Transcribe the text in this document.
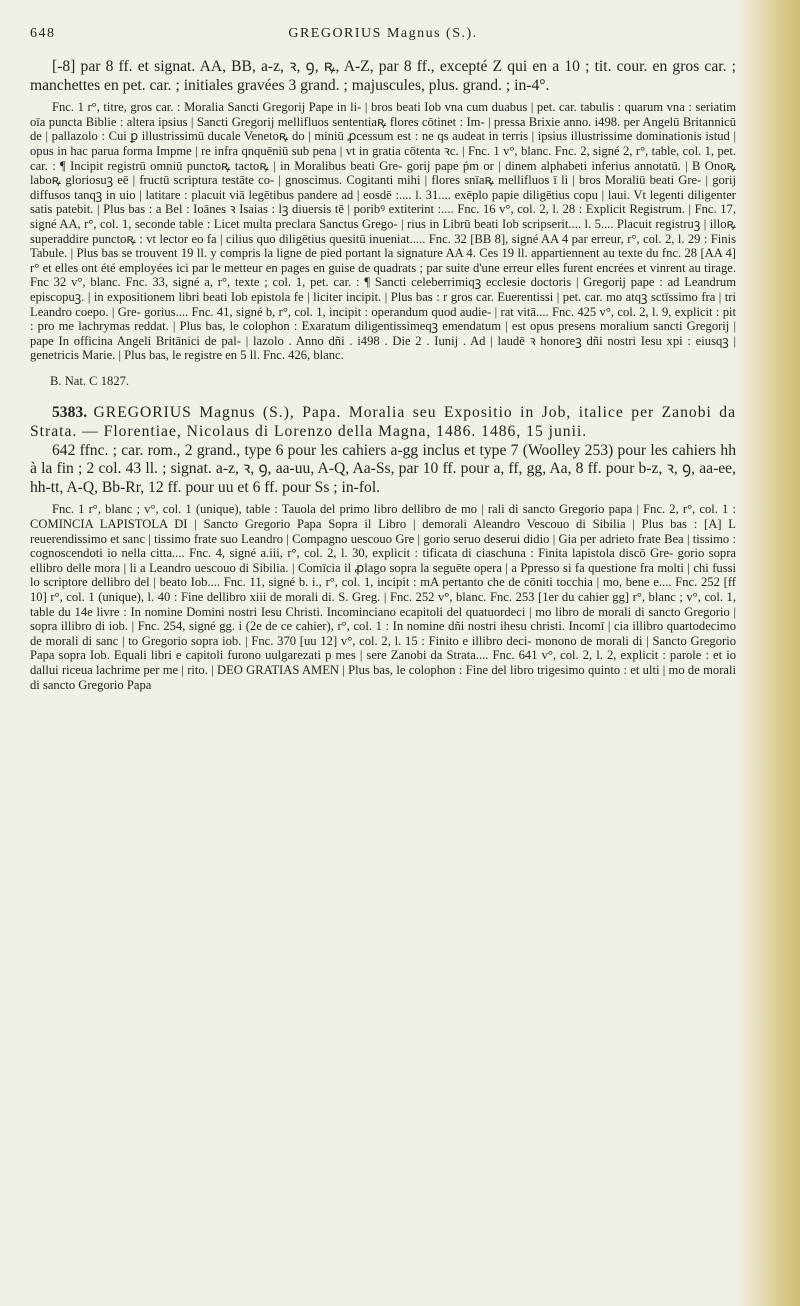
648	GREGORIUS Magnus (S.).

[-8] par 8 ff. et signat. AA, BB, a-z, ꝛ, ꝯ, ꝶ, A-Z, par 8 ff., excepté Z qui en a 10 ; tit. cour. en gros car. ; manchettes en pet. car. ; initiales gravées 3 grand. ; majuscules, plus. grand. ; in-4°.

Fnc. 1 r°, titre, gros car. : Moralia Sancti Gregorij Pape in li- | bros beati Iob vna cum duabus | pet. car. tabulis : quarum vna : seriatim oīa puncta Biblie : altera ipsius | Sancti Gregorij mellifluos sententiaꝶ flores cōtinet : Im- | pressa Brixie anno. i498. per Angelū Britannicū de | pallazolo : Cui ꝑ illustrissimū ducale Venetoꝶ do | miniū ꝓcessum est : ne qs audeat in terris | ipsius illustrissime dominationis istud | opus in hac parua forma Impme | re infra qnquēniū sub pena | vt in gratia cōtenta ꝛc. | Fnc. 1 v°, blanc. Fnc. 2, signé 2, r°, table, col. 1, pet. car. : ¶ Incipit registrū omniū punctoꝶ tactoꝶ | in Moralibus beati Gre- gorij pape ṕm or | dinem alphabeti inferius annotatū. | B Onoꝶ laboꝶ gloriosuꝫ eē | fructū scriptura testāte co- | gnoscimus. Cogitanti mihi | flores snīaꝶ mellifluos ī li | bros Moraliū beati Gre- | gorij diffusos tanqꝫ in uio | latitare : placuit viā legētibus pandere ad | eosdē :.... l. 31.... exēplo papie diligētius copu | laui. Vt legenti diligenter satis patebit. | Plus bas : a Bel : Ioānes ꝛ Isaias : lꝫ diuersis tē | poribꝰ extiterint :.... Fnc. 16 v°, col. 2, l. 28 : Explicit Registrum. | Fnc. 17, signé AA, r°, col. 1, seconde table : Licet multa preclara Sanctus Grego- | rius in Librū beati Iob scripserit.... l. 5.... Placuit registruꝫ | illoꝶ superaddire punctoꝶ : vt lector eo fa | cilius quo diligētius quesitū inueniat..... Fnc. 32 [BB 8], signé AA 4 par erreur, r°, col. 2, l. 29 : Finis Tabule. | Plus bas se trouvent 19 ll. y compris la ligne de pied portant la signature AA 4. Ces 19 ll. appartiennent au texte du fnc. 28 [AA 4] r° et elles ont été employées ici par le metteur en pages en guise de quadrats ; par suite d'une erreur elles furent encrées et vinrent au tirage. Fnc 32 v°, blanc. Fnc. 33, signé a, r°, texte ; col. 1, pet. car. : ¶ Sancti celeberrimiqꝫ ecclesie doctoris | Gregorij pape : ad Leandrum episcopuꝫ. | in expositionem libri beati Iob epistola fe | liciter incipit. | Plus bas : r gros car. Euerentissi | pet. car. mo atqꝫ sctīssimo fra | tri Leandro coepo. | Gre- gorius.... Fnc. 41, signé b, r°, col. 1, incipit : operandum quod audie- | rat vitā.... Fnc. 425 v°, col. 2, l. 9, explicit : pit : pro me lachrymas reddat. | Plus bas, le colophon : Exaratum diligentissimeqꝫ emendatum | est opus presens moralium sancti Gregorij | pape In officina Angeli Britānici de pal- | lazolo . Anno dñi . i498 . Die 2 . Iunij . Ad | laudē ꝛ honoreꝫ dñi nostri Iesu xpi : eiusqꝫ | genetricis Marie. | Plus bas, le registre en 5 ll. Fnc. 426, blanc.

B. Nat. C 1827.

5383. GREGORIUS Magnus (S.), Papa. Moralia seu Expositio in Job, italice per Zanobi da Strata. — Florentiae, Nicolaus di Lorenzo della Magna, 1486. 1486, 15 junii.

642 ffnc. ; car. rom., 2 grand., type 6 pour les cahiers a-gg inclus et type 7 (Woolley 253) pour les cahiers hh à la fin ; 2 col. 43 ll. ; signat. a-z, ꝛ, ꝯ, aa-uu, A-Q, Aa-Ss, par 10 ff. pour a, ff, gg, Aa, 8 ff. pour b-z, ꝛ, ꝯ, aa-ee, hh-tt, A-Q, Bb-Rr, 12 ff. pour uu et 6 ff. pour Ss ; in-fol.

Fnc. 1 r°, blanc ; v°, col. 1 (unique), table : Tauola del primo libro dellibro de mo | rali di sancto Gregorio papa | Fnc. 2, r°, col. 1 : COMINCIA LAPISTOLA DI | Sancto Gregorio Papa Sopra il Libro | demorali Aleandro Vescouo di Sibilia | Plus bas : [A] L reuerendissimo et sanc | tissimo frate suo Leandro | Compagno uescouo Gre | gorio seruo deserui didio | Gia per adrieto frate Bea | tissimo : cognoscendoti io nella citta.... Fnc. 4, signé a.iii, r°, col. 2, l. 30, explicit : tificata di ciaschuna : Finita lapistola discō Gre- gorio sopra ellibro delle mora | li a Leandro uescouo di Sibilia. | Comīcia il ꝓlago sopra la seguēte opera | a Ppresso si fa questione fra molti | chi fussi lo scriptore dellibro del | beato Iob.... Fnc. 11, signé b. i., r°, col. 1, incipit : mA pertanto che de cōniti tocchia | mo, bene e.... Fnc. 252 [ff 10] r°, col. 1 (unique), l. 40 : Fine dellibro xiii de morali di. S. Greg. | Fnc. 252 v°, blanc. Fnc. 253 [1er du cahier gg] r°, blanc ; v°, col. 1, table du 14e livre : In nomine Domini nostri Iesu Christi. Incominciano ecapitoli del quatuordeci | mo libro de morali di sancto Gregorio | sopra illibro di iob. | Fnc. 254, signé gg. i (2e de ce cahier), r°, col. 1 : In nomine dñi nostri ihesu christi. Incomī | cia illibro quartodecimo de morali di sanc | to Gregorio sopra iob. | Fnc. 370 [uu 12] v°, col. 2, l. 15 : Finito e illibro deci- monono de morali di | Sancto Gregorio Papa sopra Iob. Equali libri e capitoli furono uulgarezati p mes | sere Zanobi da Strata.... Fnc. 641 v°, col. 2, l. 2, explicit : parole : et io dallui riceua lachrime per me | rito. | DEO GRATIAS AMEN | Plus bas, le colophon : Fine del libro trigesimo quinto : et ulti | mo de morali di sancto Gregorio Papa
